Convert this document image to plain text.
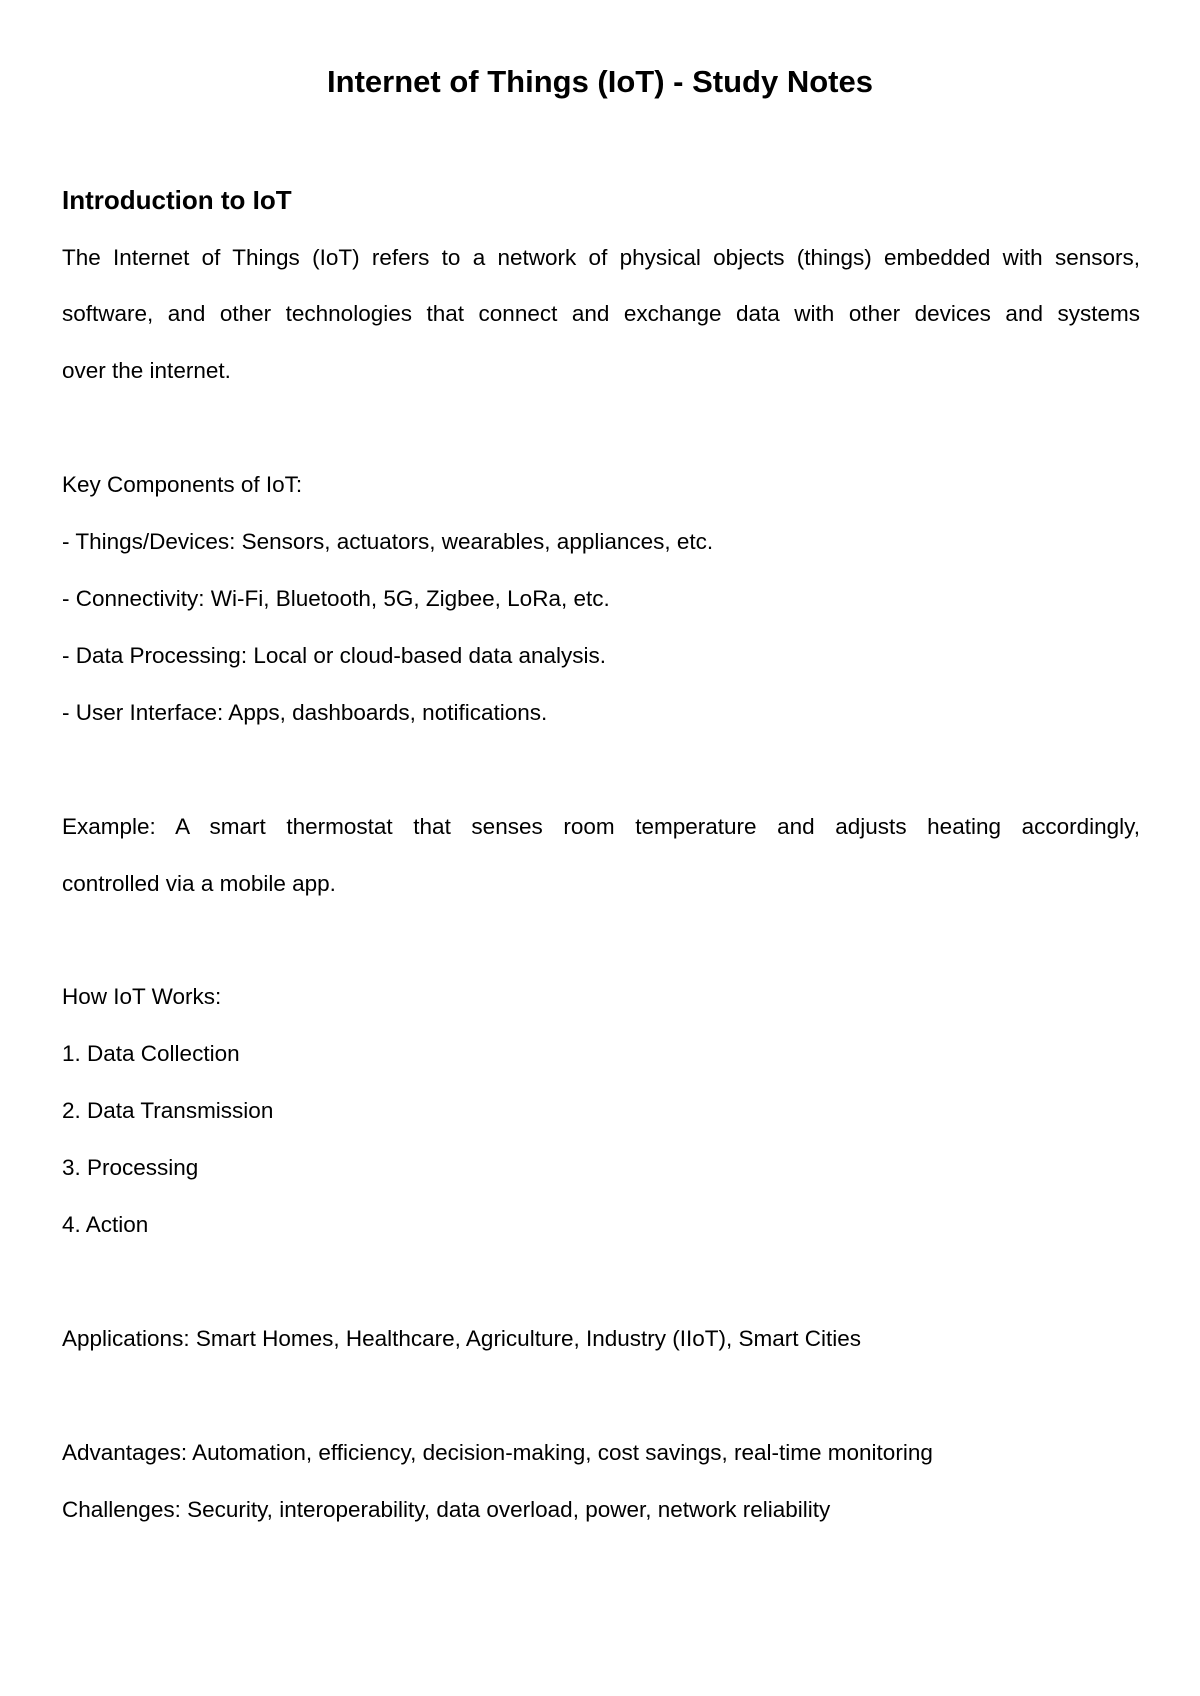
Internet of Things (IoT) - Study Notes
Introduction to IoT

The Internet of Things (IoT) refers to a network of physical objects (things) embedded with sensors,

software, and other technologies that connect and exchange data with other devices and systems

over the internet.

Key Components of IoT:

- Things/Devices: Sensors, actuators, wearables, appliances, etc.

- Connectivity: Wi-Fi, Bluetooth, 5G, Zigbee, LoRa, etc.

- Data Processing: Local or cloud-based data analysis.

- User Interface: Apps, dashboards, notifications.

Example: A smart thermostat that senses room temperature and adjusts heating accordingly,

controlled via a mobile app.

How IoT Works:

1. Data Collection

2. Data Transmission

3. Processing

4. Action

Applications: Smart Homes, Healthcare, Agriculture, Industry (IIoT), Smart Cities

Advantages: Automation, efficiency, decision-making, cost savings, real-time monitoring

Challenges: Security, interoperability, data overload, power, network reliability
